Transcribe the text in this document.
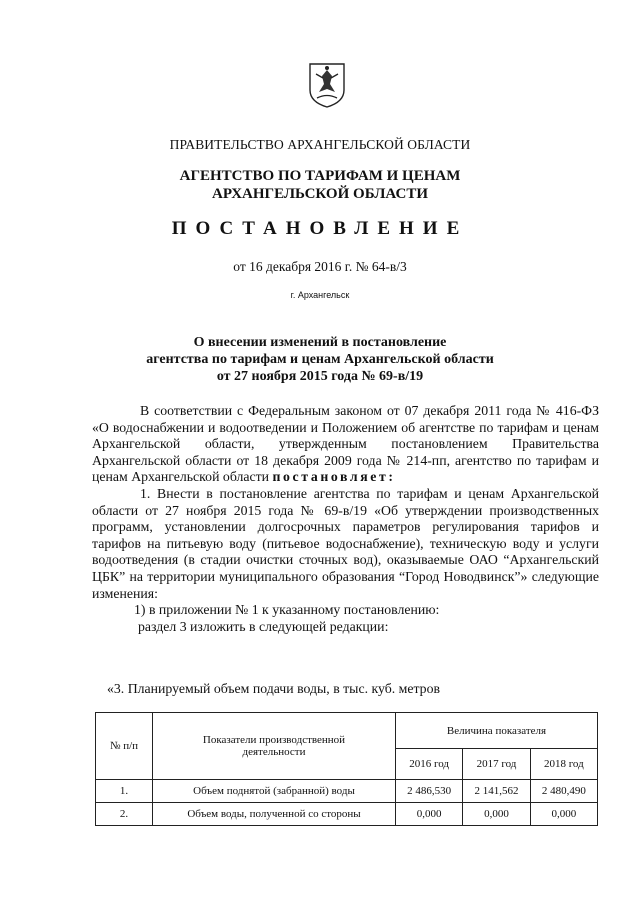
ПРАВИТЕЛЬСТВО АРХАНГЕЛЬСКОЙ ОБЛАСТИ
АГЕНТСТВО ПО ТАРИФАМ И ЦЕНАМ
АРХАНГЕЛЬСКОЙ ОБЛАСТИ
ПОСТАНОВЛЕНИЕ
от 16 декабря 2016 г. № 64-в/3
г. Архангельск
О внесении изменений в постановление
агентства по тарифам и ценам Архангельской области
от 27 ноября 2015 года № 69-в/19

В соответствии с Федеральным законом от 07 декабря 2011 года № 416-ФЗ «О водоснабжении и водоотведении и Положением об агентстве по тарифам и ценам Архангельской области, утвержденным постановлением Правительства Архангельской области от 18 декабря 2009 года № 214-пп, агентство по тарифам и ценам Архангельской области постановляет:

1. Внести в постановление агентства по тарифам и ценам Архангельской области от 27 ноября 2015 года № 69-в/19 «Об утверждении производственных программ, установлении долгосрочных параметров регулирования тарифов и тарифов на питьевую воду (питьевое водоснабжение), техническую воду и услуги водоотведения (в стадии очистки сточных вод), оказываемые ОАО “Архангельский ЦБК” на территории муниципального образования “Город Новодвинск”» следующие изменения:

1) в приложении № 1 к указанному постановлению:

раздел 3 изложить в следующей редакции:

«3. Планируемый объем подачи воды, в тыс. куб. метров
№ п/п	Показатели производственной деятельности	Величина показателя		
		2016 год	2017 год	2018 год
1.	Объем поднятой (забранной) воды	2 486,530	2 141,562	2 480,490
2.	Объем воды, полученной со стороны	0,000	0,000	0,000
